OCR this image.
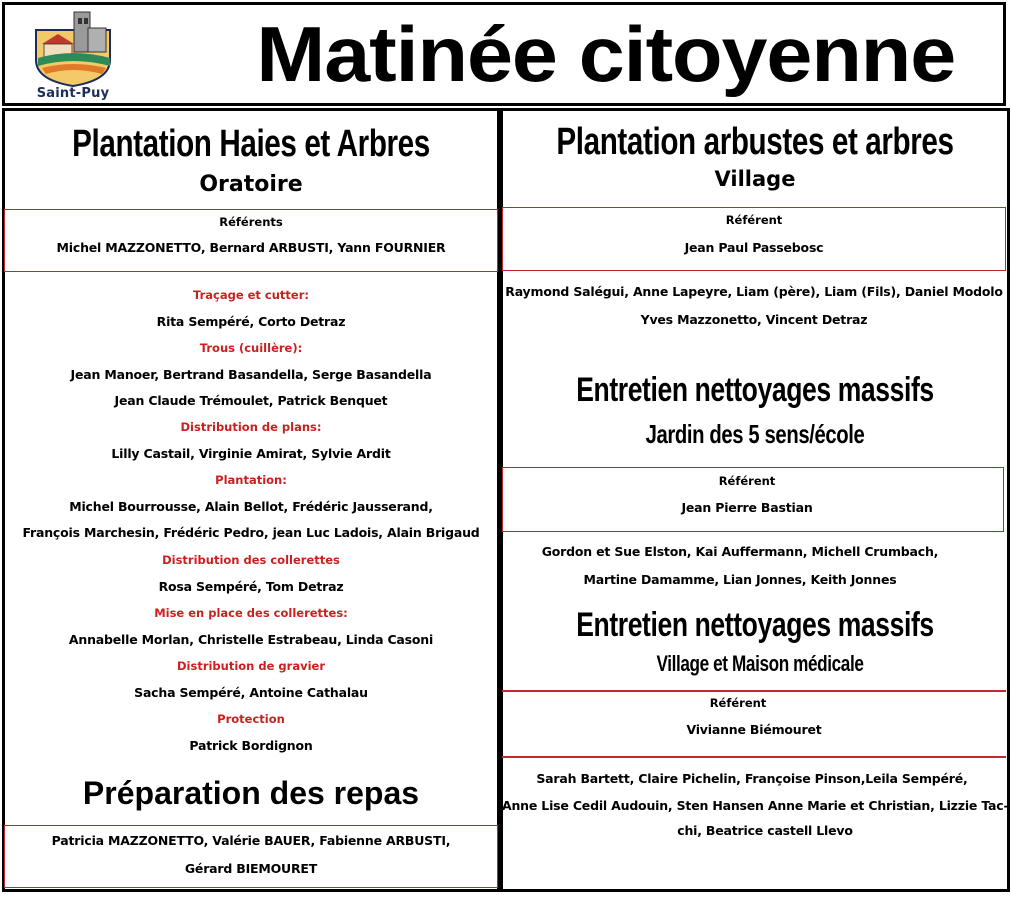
Saint-Puy	Matinée citoyenne
Plantation Haies et Arbres
Oratoire
Référents
Michel MAZZONETTO, Bernard ARBUSTI, Yann FOURNIER
Traçage et cutter:
Rita Sempéré, Corto Detraz
Trous (cuillère):
Jean Manoer, Bertrand Basandella, Serge Basandella
Jean Claude Trémoulet, Patrick Benquet
Distribution de plans:
Lilly Castail, Virginie Amirat, Sylvie Ardit
Plantation:
Michel Bourrousse, Alain Bellot, Frédéric Jausserand,
François Marchesin, Frédéric Pedro, jean Luc Ladois, Alain Brigaud
Distribution des collerettes
Rosa Sempéré, Tom Detraz
Mise en place des collerettes:
Annabelle Morlan, Christelle Estrabeau, Linda Casoni
Distribution de gravier
Sacha Sempéré, Antoine Cathalau
Protection
Patrick Bordignon
Préparation des repas
Patricia MAZZONETTO, Valérie BAUER, Fabienne ARBUSTI,
Gérard BIEMOURET
Plantation arbustes et arbres
Village
Référent
Jean Paul Passebosc
Raymond Salégui, Anne Lapeyre, Liam (père), Liam (Fils), Daniel Modolo
Yves Mazzonetto, Vincent Detraz
Entretien nettoyages massifs
Jardin des 5 sens/école
Référent
Jean Pierre Bastian
Gordon et Sue Elston, Kai Auffermann, Michell Crumbach,
Martine Damamme, Lian Jonnes, Keith Jonnes
Entretien nettoyages massifs
Village et Maison médicale
Référent
Vivianne Biémouret
Sarah Bartett, Claire Pichelin, Françoise Pinson,Leila Sempéré,
Anne Lise Cedil Audouin, Sten Hansen Anne Marie et Christian, Lizzie Tac-
chi, Beatrice castell Llevo
